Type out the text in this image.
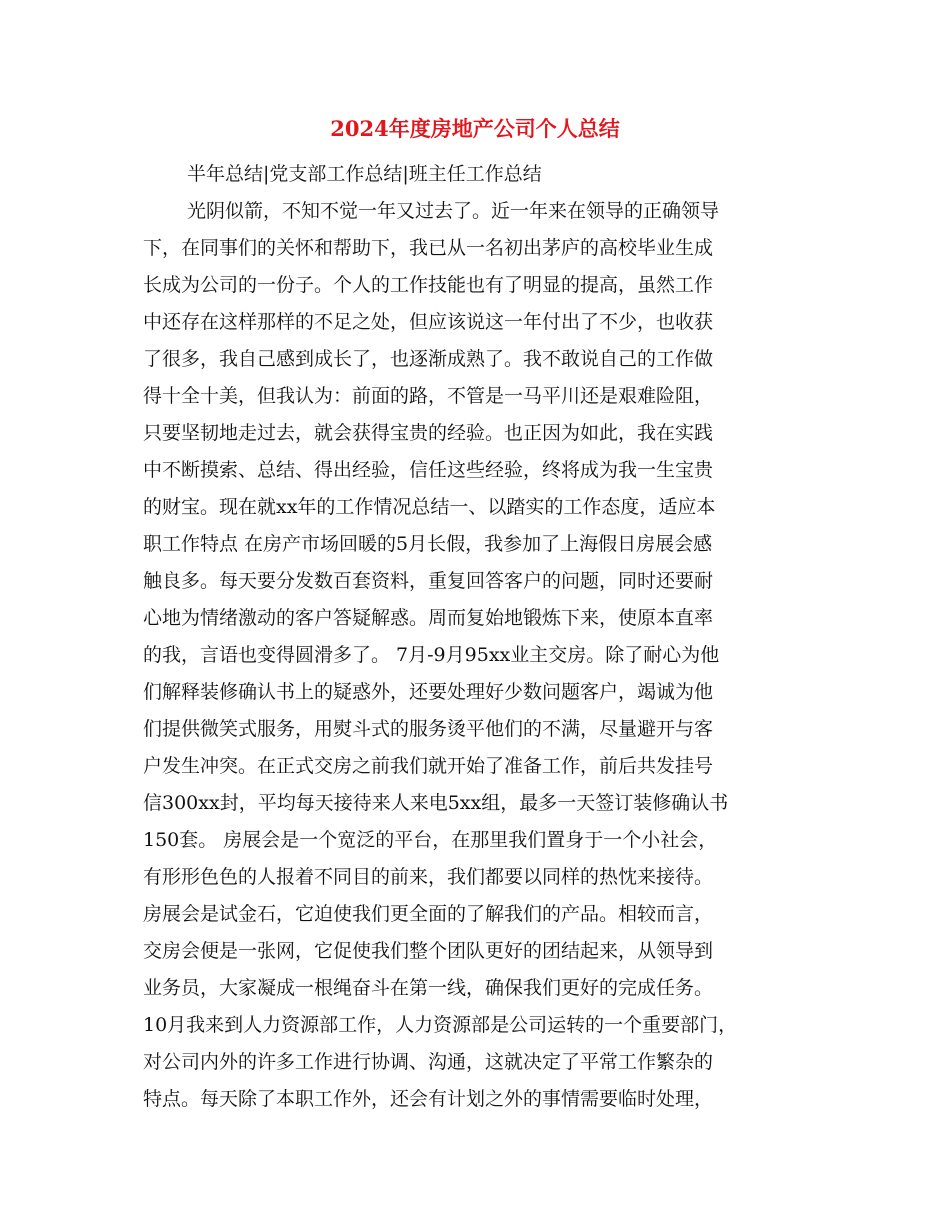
2024年度房地产公司个人总结
半年总结|党支部工作总结|班主任工作总结
光阴似箭，不知不觉一年又过去了。近一年来在领导的正确领导
下，在同事们的关怀和帮助下，我已从一名初出茅庐的高校毕业生成
长成为公司的一份子。个人的工作技能也有了明显的提高，虽然工作
中还存在这样那样的不足之处，但应该说这一年付出了不少，也收获
了很多，我自己感到成长了，也逐渐成熟了。我不敢说自己的工作做
得十全十美，但我认为：前面的路，不管是一马平川还是艰难险阻，
只要坚韧地走过去，就会获得宝贵的经验。也正因为如此，我在实践
中不断摸索、总结、得出经验，信任这些经验，终将成为我一生宝贵
的财宝。现在就xx年的工作情况总结一、以踏实的工作态度，适应本
职工作特点 在房产市场回暖的5月长假，我参加了上海假日房展会感
触良多。每天要分发数百套资料，重复回答客户的问题，同时还要耐
心地为情绪激动的客户答疑解惑。周而复始地锻炼下来，使原本直率
的我，言语也变得圆滑多了。 7月-9月95xx业主交房。除了耐心为他
们解释装修确认书上的疑惑外，还要处理好少数问题客户，竭诚为他
们提供微笑式服务，用熨斗式的服务烫平他们的不满，尽量避开与客
户发生冲突。在正式交房之前我们就开始了准备工作，前后共发挂号
信300xx封，平均每天接待来人来电5xx组，最多一天签订装修确认书
150套。 房展会是一个宽泛的平台，在那里我们置身于一个小社会，
有形形色色的人报着不同目的前来，我们都要以同样的热忱来接待。
房展会是试金石，它迫使我们更全面的了解我们的产品。相较而言，
交房会便是一张网，它促使我们整个团队更好的团结起来，从领导到
业务员，大家凝成一根绳奋斗在第一线，确保我们更好的完成任务。
10月我来到人力资源部工作，人力资源部是公司运转的一个重要部门，
对公司内外的许多工作进行协调、沟通，这就决定了平常工作繁杂的
特点。每天除了本职工作外，还会有计划之外的事情需要临时处理，
